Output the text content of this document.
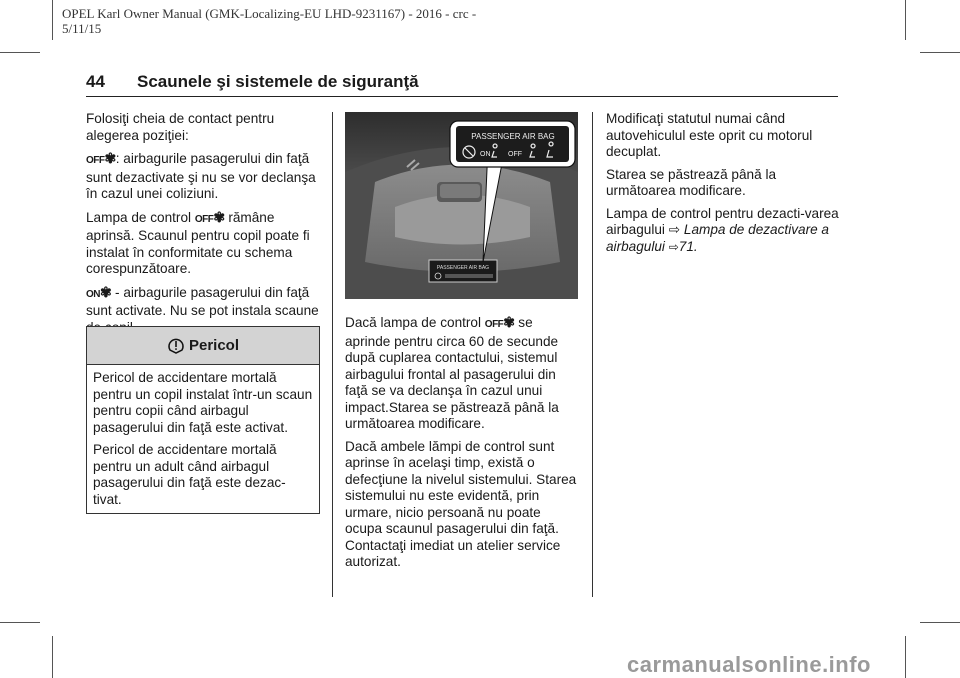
OPEL Karl Owner Manual (GMK-Localizing-EU LHD-9231167) - 2016 - crc -
5/11/15
44 Scaunele şi sistemele de siguranţă

Folosiţi cheia de contact pentru alegerea poziţiei:

OFF✾: airbagurile pasagerului din faţă sunt dezactivate şi nu se vor declanşa în cazul unei coliziuni.

Lampa de control OFF✾ rămâne aprinsă. Scaunul pentru copil poate fi instalat în conformitate cu schema corespunzătoare.

ON✾ - airbagurile pasagerului din faţă sunt activate. Nu se pot instala scaune

Pericol

Pericol de accidentare mortală pentru un copil instalat într-un scaun pentru copii când airbagul pasagerului din faţă este activat.

Pericol de accidentare mortală pentru un adult când airbagul pasagerului din faţă este dezac-tivat.

PASSENGER AIR BAG
PASSENGER AIR BAG
ON	OFF

Dacă lampa de control OFF✾ se aprinde pentru circa 60 de secunde după cuplarea contactului, sistemul airbagului frontal al pasagerului din faţă se va declanşa în cazul unui impact.Starea se păstrează până la următoarea modificare.

Dacă ambele lămpi de control sunt aprinse în acelaşi timp, există o defecţiune la nivelul sistemului. Starea sistemului nu este evidentă, prin urmare, nicio persoană nu poate ocupa scaunul pasagerului din faţă. Contactaţi imediat un atelier service autorizat.

Modificaţi statutul numai când autovehiculul este oprit cu motorul decuplat.

Starea se păstrează până la următoarea modificare.

Lampa de control pentru dezacti-varea airbagului ⇨ Lampa de dezactivare a airbagului ⇨71.

carmanualsonline.info
